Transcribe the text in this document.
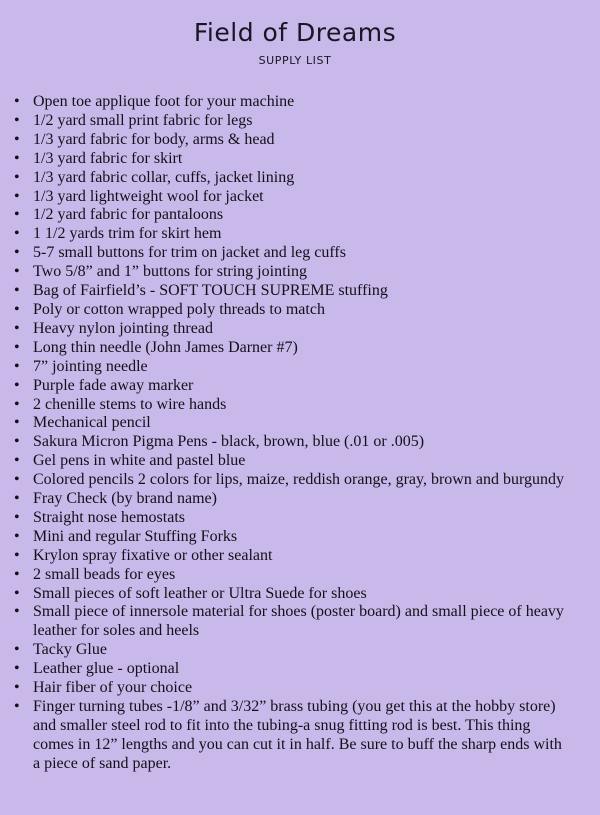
Field of Dreams
SUPPLY LIST
• Open toe applique foot for your machine
• 1/2 yard small print fabric for legs
• 1/3 yard fabric for body, arms & head
• 1/3 yard fabric for skirt
• 1/3 yard fabric collar, cuffs, jacket lining
• 1/3 yard lightweight wool for jacket
• 1/2 yard fabric for pantaloons
• 1 1/2 yards trim for skirt hem
• 5-7 small buttons for trim on jacket and leg cuffs
• Two 5/8” and 1” buttons for string jointing
• Bag of Fairfield’s - SOFT TOUCH SUPREME stuffing
• Poly or cotton wrapped poly threads to match
• Heavy nylon jointing thread
• Long thin needle (John James Darner #7)
• 7” jointing needle
• Purple fade away marker
• 2 chenille stems to wire hands
• Mechanical pencil
• Sakura Micron Pigma Pens - black, brown, blue (.01 or .005)
• Gel pens in white and pastel blue
• Colored pencils 2 colors for lips, maize, reddish orange, gray, brown and burgundy
• Fray Check (by brand name)
• Straight nose hemostats
• Mini and regular Stuffing Forks
• Krylon spray fixative or other sealant
• 2 small beads for eyes
• Small pieces of soft leather or Ultra Suede for shoes
• Small piece of innersole material for shoes (poster board) and small piece of heavy leather for soles and heels
• Tacky Glue
• Leather glue - optional
• Hair fiber of your choice
• Finger turning tubes -1/8” and 3/32” brass tubing (you get this at the hobby store) and smaller steel rod to fit into the tubing-a snug fitting rod is best. This thing comes in 12” lengths and you can cut it in half. Be sure to buff the sharp ends with a piece of sand paper.
